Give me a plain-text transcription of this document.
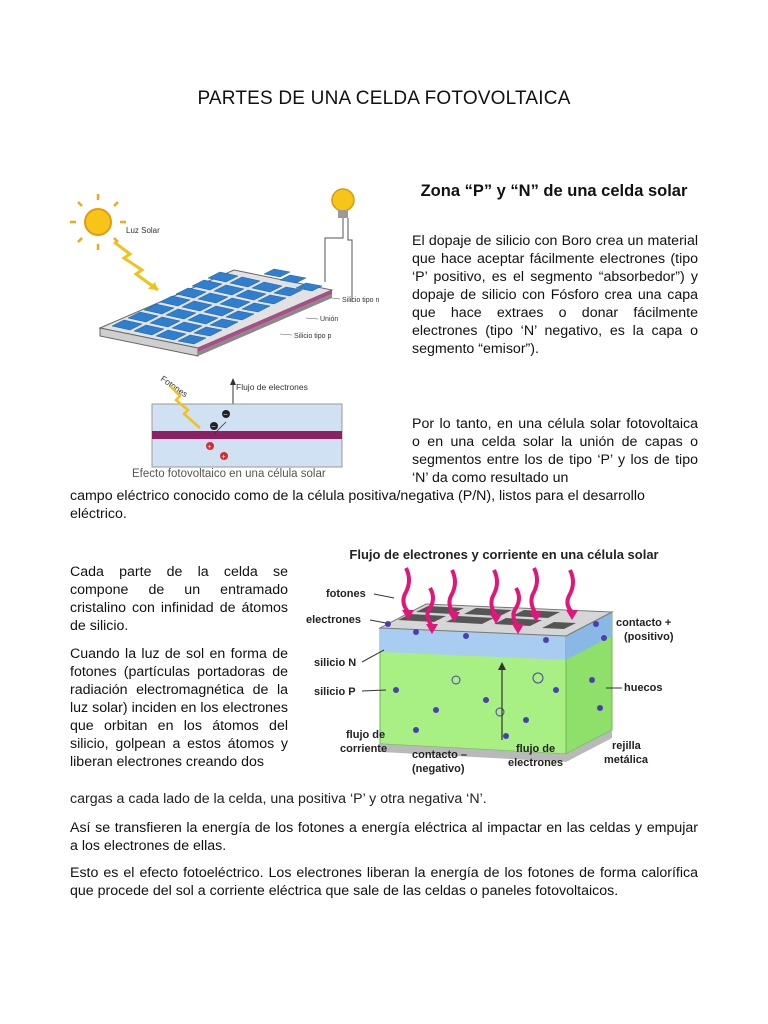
PARTES DE UNA CELDA FOTOVOLTAICA
Luz Solar
Silicio tipo n
Unión
Silicio tipo p
Flujo de electrones
Fotones
–
–
+
+
Efecto fotovoltaico en una célula solar
Zona “P” y “N” de una celda solar
El dopaje de silicio con Boro crea un material que hace aceptar fácilmente electrones (tipo ‘P’ positivo, es el segmento “absorbedor”) y dopaje de silicio con Fósforo crea una capa que hace extraes o donar fácilmente electrones (tipo ‘N’ negativo, es la capa o segmento “emisor”).
Por lo tanto, en una célula solar fotovoltaica o en una celda solar la unión de capas o segmentos entre los de tipo ‘P’ y los de tipo ‘N’ da como resultado un
campo eléctrico conocido como de la célula positiva/negativa (P/N), listos para el desarrollo eléctrico.
Flujo de electrones y corriente en una célula solar
fotones
electrones
silicio N
silicio P
flujo de
corriente contacto –
(negativo)
flujo de
electrones
contacto +
(positivo)
huecos
rejilla
metálica
Cada parte de la celda se compone de un entramado cristalino con infinidad de átomos de silicio.
Cuando la luz de sol en forma de fotones (partículas portadoras de radiación electromagnética de la luz solar) inciden en los electrones que orbitan en los átomos del silicio, golpean a estos átomos y liberan electrones creando dos
cargas a cada lado de la celda, una positiva ‘P’ y otra negativa ‘N’.
Así se transfieren la energía de los fotones a energía eléctrica al impactar en las celdas y empujar a los electrones de ellas.
Esto es el efecto fotoeléctrico. Los electrones liberan la energía de los fotones de forma calorífica que procede del sol a corriente eléctrica que sale de las celdas o paneles fotovoltaicos.
